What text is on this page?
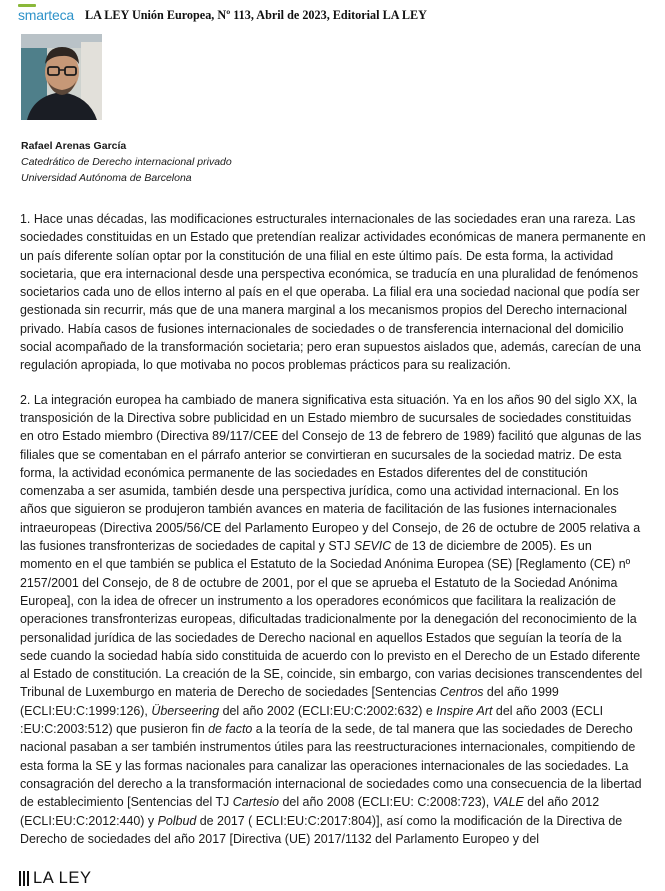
smarteca LA LEY Unión Europea, Nº 113, Abril de 2023, Editorial LA LEY
Rafael Arenas García
Catedrático de Derecho internacional privado
Universidad Autónoma de Barcelona

1. Hace unas décadas, las modificaciones estructurales internacionales de las sociedades eran una rareza. Las sociedades constituidas en un Estado que pretendían realizar actividades económicas de manera permanente en un país diferente solían optar por la constitución de una filial en este último país. De esta forma, la actividad societaria, que era internacional desde una perspectiva económica, se traducía en una pluralidad de fenómenos societarios cada uno de ellos interno al país en el que operaba. La filial era una sociedad nacional que podía ser gestionada sin recurrir, más que de una manera marginal a los mecanismos propios del Derecho internacional privado. Había casos de fusiones internacionales de sociedades o de transferencia internacional del domicilio social acompañado de la transformación societaria; pero eran supuestos aislados que, además, carecían de una regulación apropiada, lo que motivaba no pocos problemas prácticos para su realización.

2. La integración europea ha cambiado de manera significativa esta situación. Ya en los años 90 del siglo XX, la transposición de la Directiva sobre publicidad en un Estado miembro de sucursales de sociedades constituidas en otro Estado miembro (Directiva 89/117/CEE del Consejo de 13 de febrero de 1989) facilitó que algunas de las filiales que se comentaban en el párrafo anterior se convirtieran en sucursales de la sociedad matriz. De esta forma, la actividad económica permanente de las sociedades en Estados diferentes del de constitución comenzaba a ser asumida, también desde una perspectiva jurídica, como una actividad internacional. En los años que siguieron se produjeron también avances en materia de facilitación de las fusiones internacionales intraeuropeas (Directiva 2005/56/CE del Parlamento Europeo y del Consejo, de 26 de octubre de 2005 relativa a las fusiones transfronterizas de sociedades de capital y STJ SEVIC de 13 de diciembre de 2005). Es un momento en el que también se publica el Estatuto de la Sociedad Anónima Europea (SE) [Reglamento (CE) nº 2157/2001 del Consejo, de 8 de octubre de 2001, por el que se aprueba el Estatuto de la Sociedad Anónima Europea], con la idea de ofrecer un instrumento a los operadores económicos que facilitara la realización de operaciones transfronterizas europeas, dificultadas tradicionalmente por la denegación del reconocimiento de la personalidad jurídica de las sociedades de Derecho nacional en aquellos Estados que seguían la teoría de la sede cuando la sociedad había sido constituida de acuerdo con lo previsto en el Derecho de un Estado diferente al Estado de constitución. La creación de la SE, coincide, sin embargo, con varias decisiones transcendentes del Tribunal de Luxemburgo en materia de Derecho de sociedades [Sentencias Centros del año 1999 (ECLI:EU:C:1999:126), Überseering del año 2002 (ECLI:EU:C:2002:632) e Inspire Art del año 2003 (ECLI :EU:C:2003:512) que pusieron fin de facto a la teoría de la sede, de tal manera que las sociedades de Derecho nacional pasaban a ser también instrumentos útiles para las reestructuraciones internacionales, compitiendo de esta forma la SE y las formas nacionales para canalizar las operaciones internacionales de las sociedades. La consagración del derecho a la transformación internacional de sociedades como una consecuencia de la libertad de establecimiento [Sentencias del TJ Cartesio del año 2008 (ECLI:EU: C:2008:723), VALE del año 2012 (ECLI:EU:C:2012:440) y Polbud de 2017 ( ECLI:EU:C:2017:804)], así como la modificación de la Directiva de Derecho de sociedades del año 2017 [Directiva (UE) 2017/1132 del Parlamento Europeo y del

LA LEY
